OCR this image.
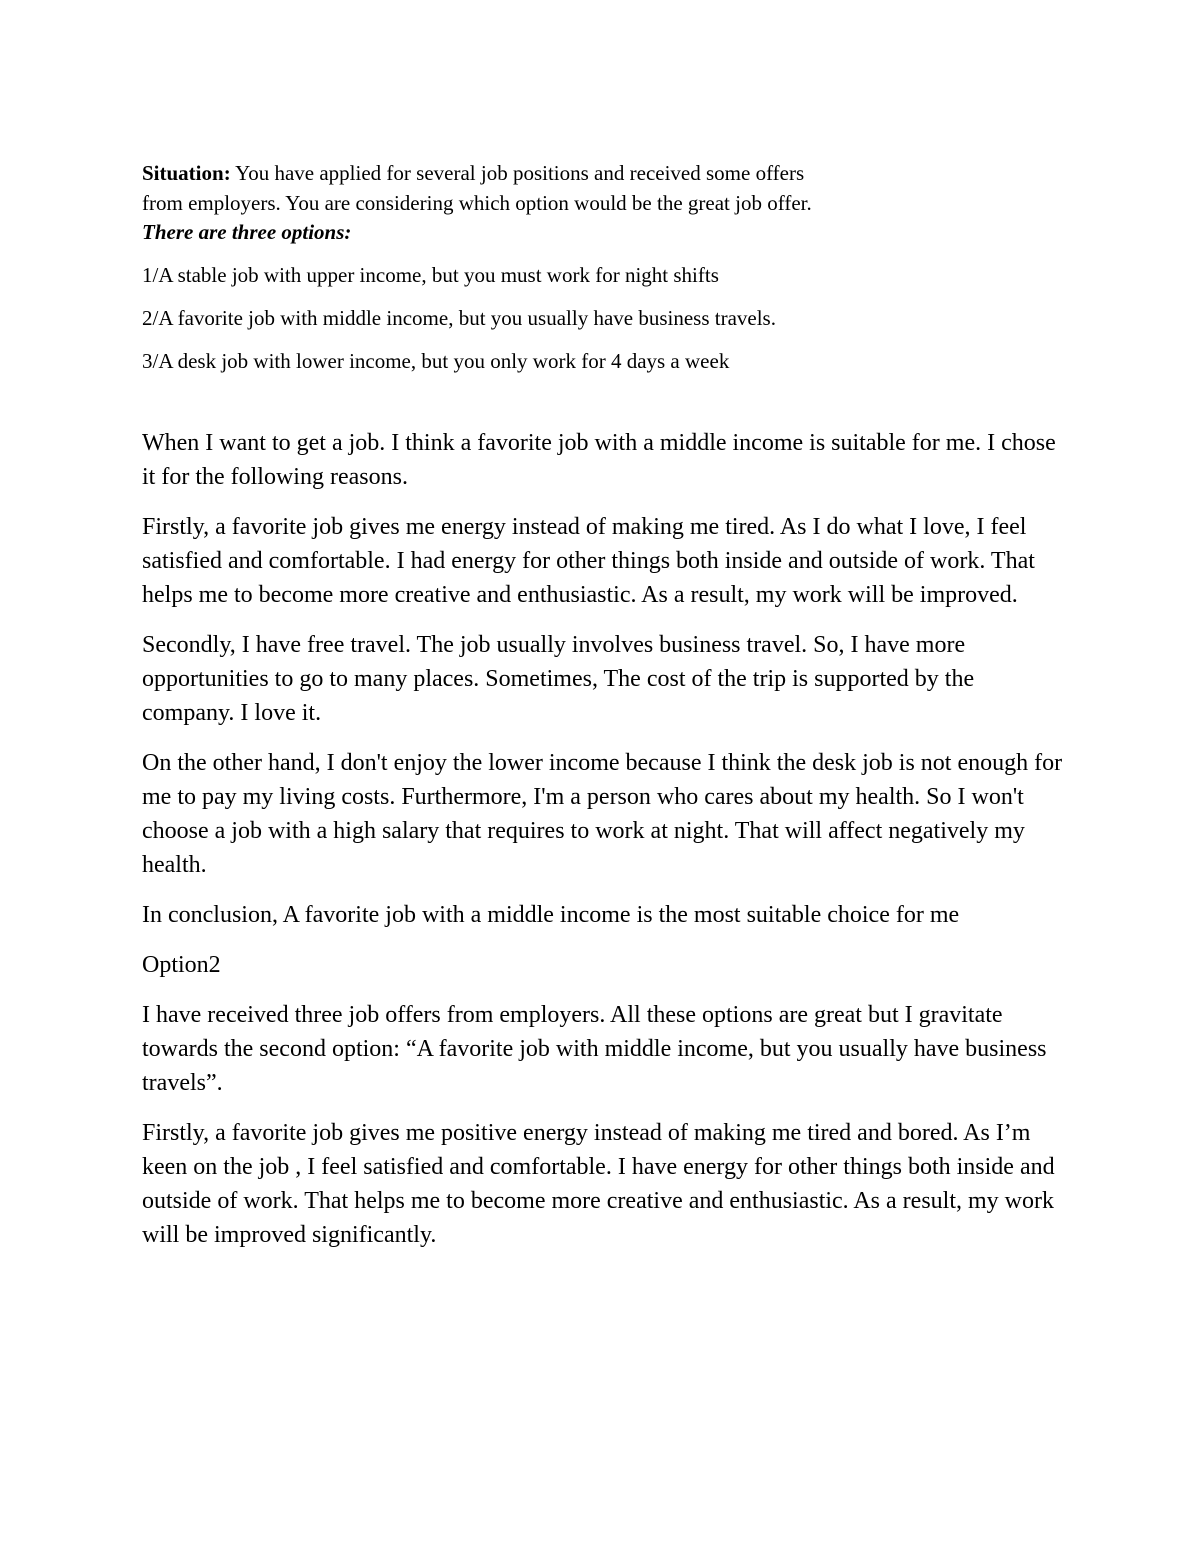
Situation: You have applied for several job positions and received some offers
from employers. You are considering which option would be the great job offer.
There are three options:
1/A stable job with upper income, but you must work for night shifts
2/A favorite job with middle income, but you usually have business travels.
3/A desk job with lower income, but you only work for 4 days a week

When I want to get a job. I think a favorite job with a middle income is suitable for me. I chose it for the following reasons.

Firstly, a favorite job gives me energy instead of making me tired. As I do what I love, I feel satisfied and comfortable. I had energy for other things both inside and outside of work. That helps me to become more creative and enthusiastic. As a result, my work will be improved.

Secondly, I have free travel. The job usually involves business travel. So, I have more opportunities to go to many places. Sometimes, The cost of the trip is supported by the company. I love it.

On the other hand, I don't enjoy the lower income because I think the desk job is not enough for me to pay my living costs. Furthermore, I'm a person who cares about my health. So I won't choose a job with a high salary that requires to work at night. That will affect negatively my health.

In conclusion, A favorite job with a middle income is the most suitable choice for me

Option2

I have received three job offers from employers. All these options are great but I gravitate towards the second option: “A favorite job with middle income, but you usually have business travels”.

Firstly, a favorite job gives me positive energy instead of making me tired and bored. As I’m keen on the job , I feel satisfied and comfortable. I have energy for other things both inside and outside of work. That helps me to become more creative and enthusiastic. As a result, my work will be improved significantly.
